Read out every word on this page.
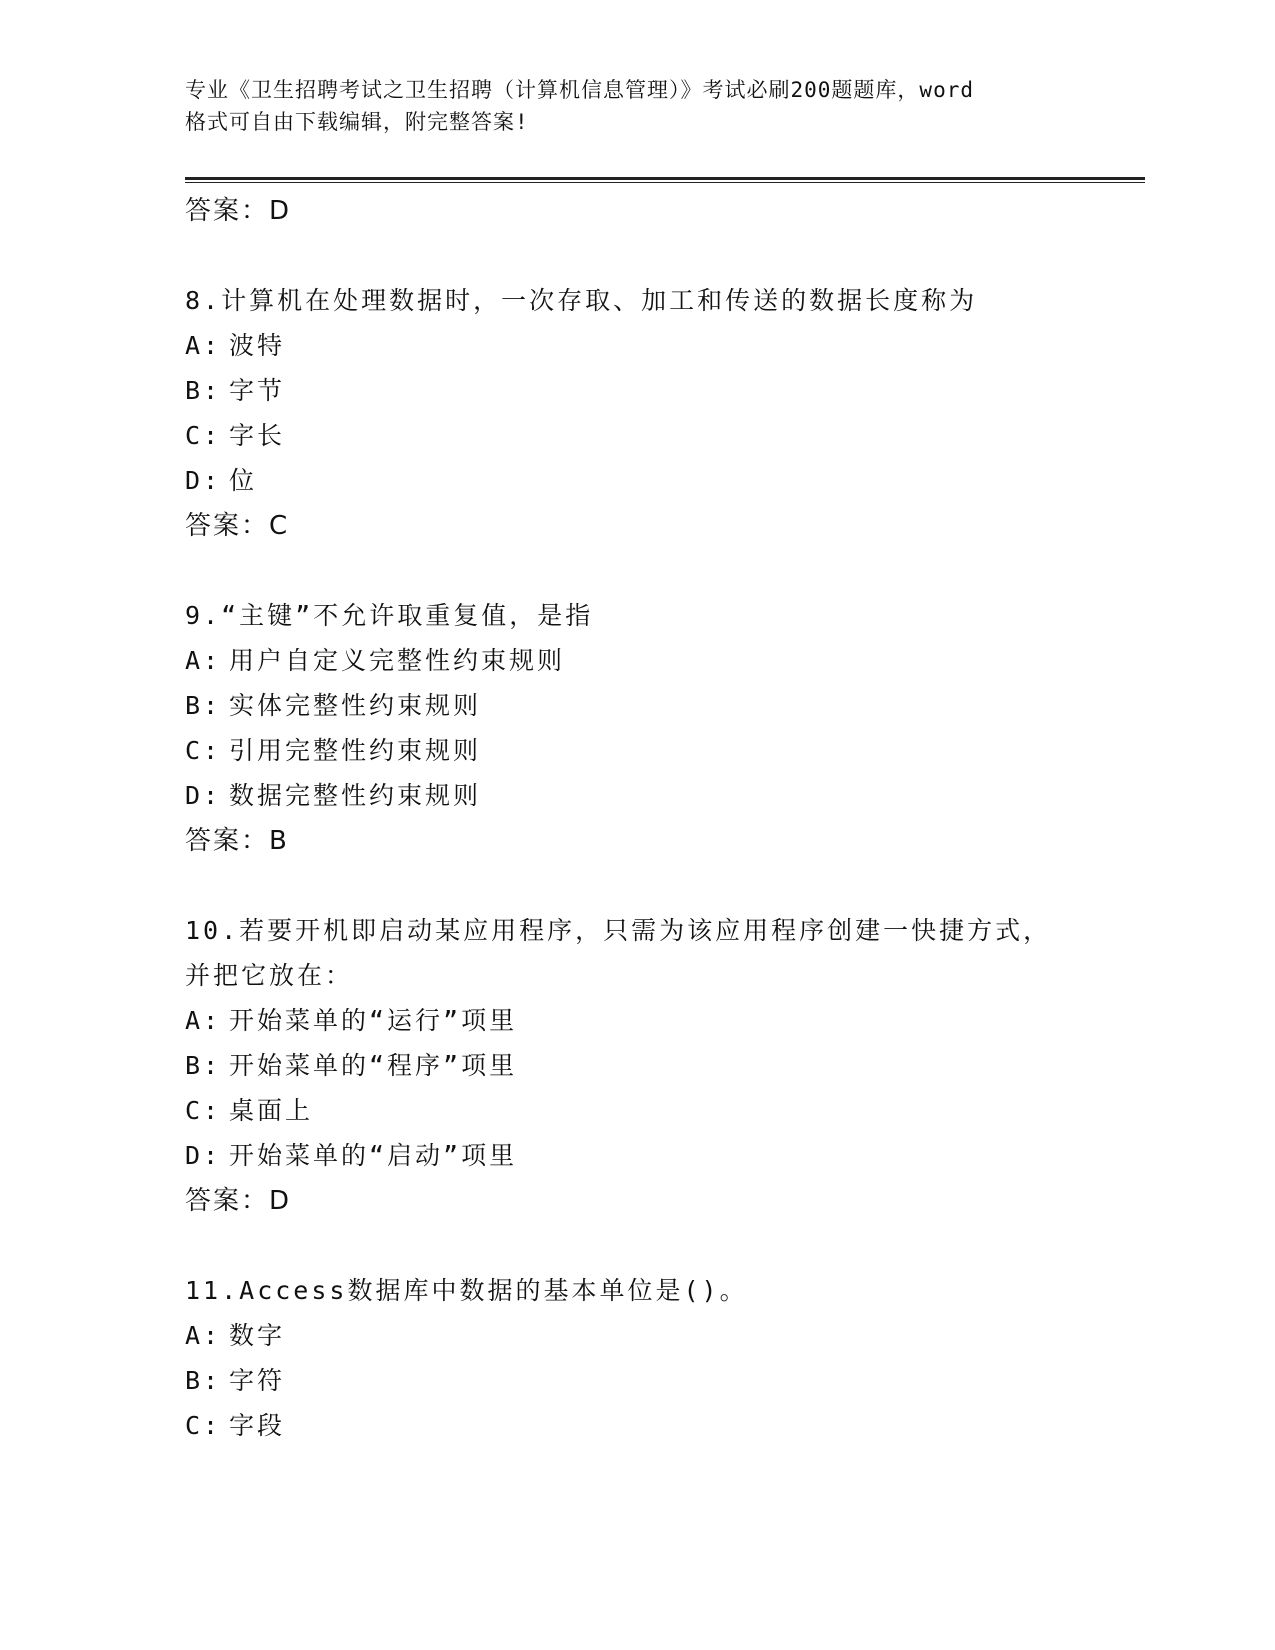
专业《卫生招聘考试之卫生招聘（计算机信息管理）》考试必刷200题题库，word
格式可自由下载编辑，附完整答案!
答案：D
8.计算机在处理数据时，一次存取、加工和传送的数据长度称为
A: 波特
B: 字节
C: 字长
D: 位
答案：C
9.“主键”不允许取重复值，是指
A: 用户自定义完整性约束规则
B: 实体完整性约束规则
C: 引用完整性约束规则
D: 数据完整性约束规则
答案：B
10.若要开机即启动某应用程序，只需为该应用程序创建一快捷方式，
并把它放在：
A: 开始菜单的“运行”项里
B: 开始菜单的“程序”项里
C: 桌面上
D: 开始菜单的“启动”项里
答案：D
11.Access数据库中数据的基本单位是()。
A: 数字
B: 字符
C: 字段
